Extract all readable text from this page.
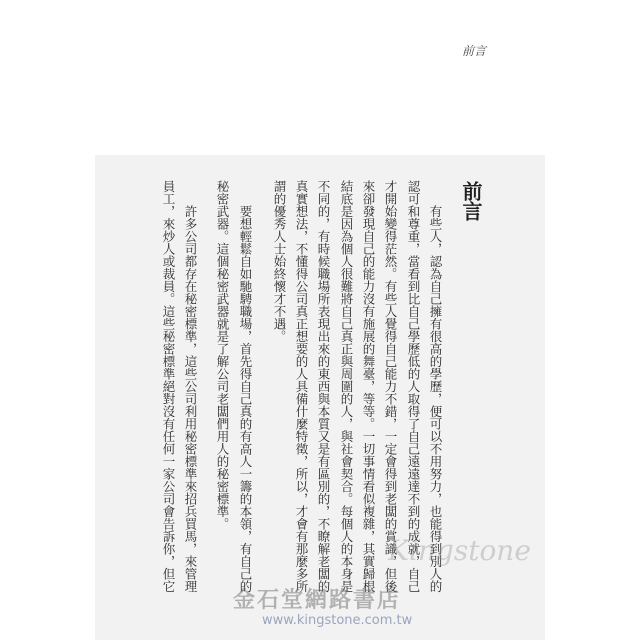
前言
前言
有些人，認為自己擁有很高的學歷，便可以不用努力，也能得到別人的
認可和尊重，當看到比自己學歷低的人取得了自己遠遠達不到的成就，自己
才開始變得茫然。有些人覺得自己能力不錯，一定會得到老闆的賞識，但後
來卻發現自己的能力沒有施展的舞臺，等等。一切事情看似複雜，其實歸根
結底是因為個人很難將自己真正與周圍的人，與社會契合。每個人的本身是
不同的，有時候職場所表現出來的東西與本質又是有區別的，不瞭解老闆的
真實想法，不懂得公司真正想要的人具備什麼特徵，所以，才會有那麼多所
謂的優秀人士始終懷才不遇。
要想輕鬆自如馳騁職場，首先得自己真的有高人一籌的本領，有自己的
秘密武器。這個秘密武器就是了解公司老闆們用人的秘密標準。
許多公司都存在秘密標準，這些公司利用秘密標準來招兵買馬，來管理
員工，來炒人或裁員。這些秘密標準絕對沒有任何一家公司會告訴你，但它	Kingstone
金石堂網路書店
www.kingstone.com.tw
